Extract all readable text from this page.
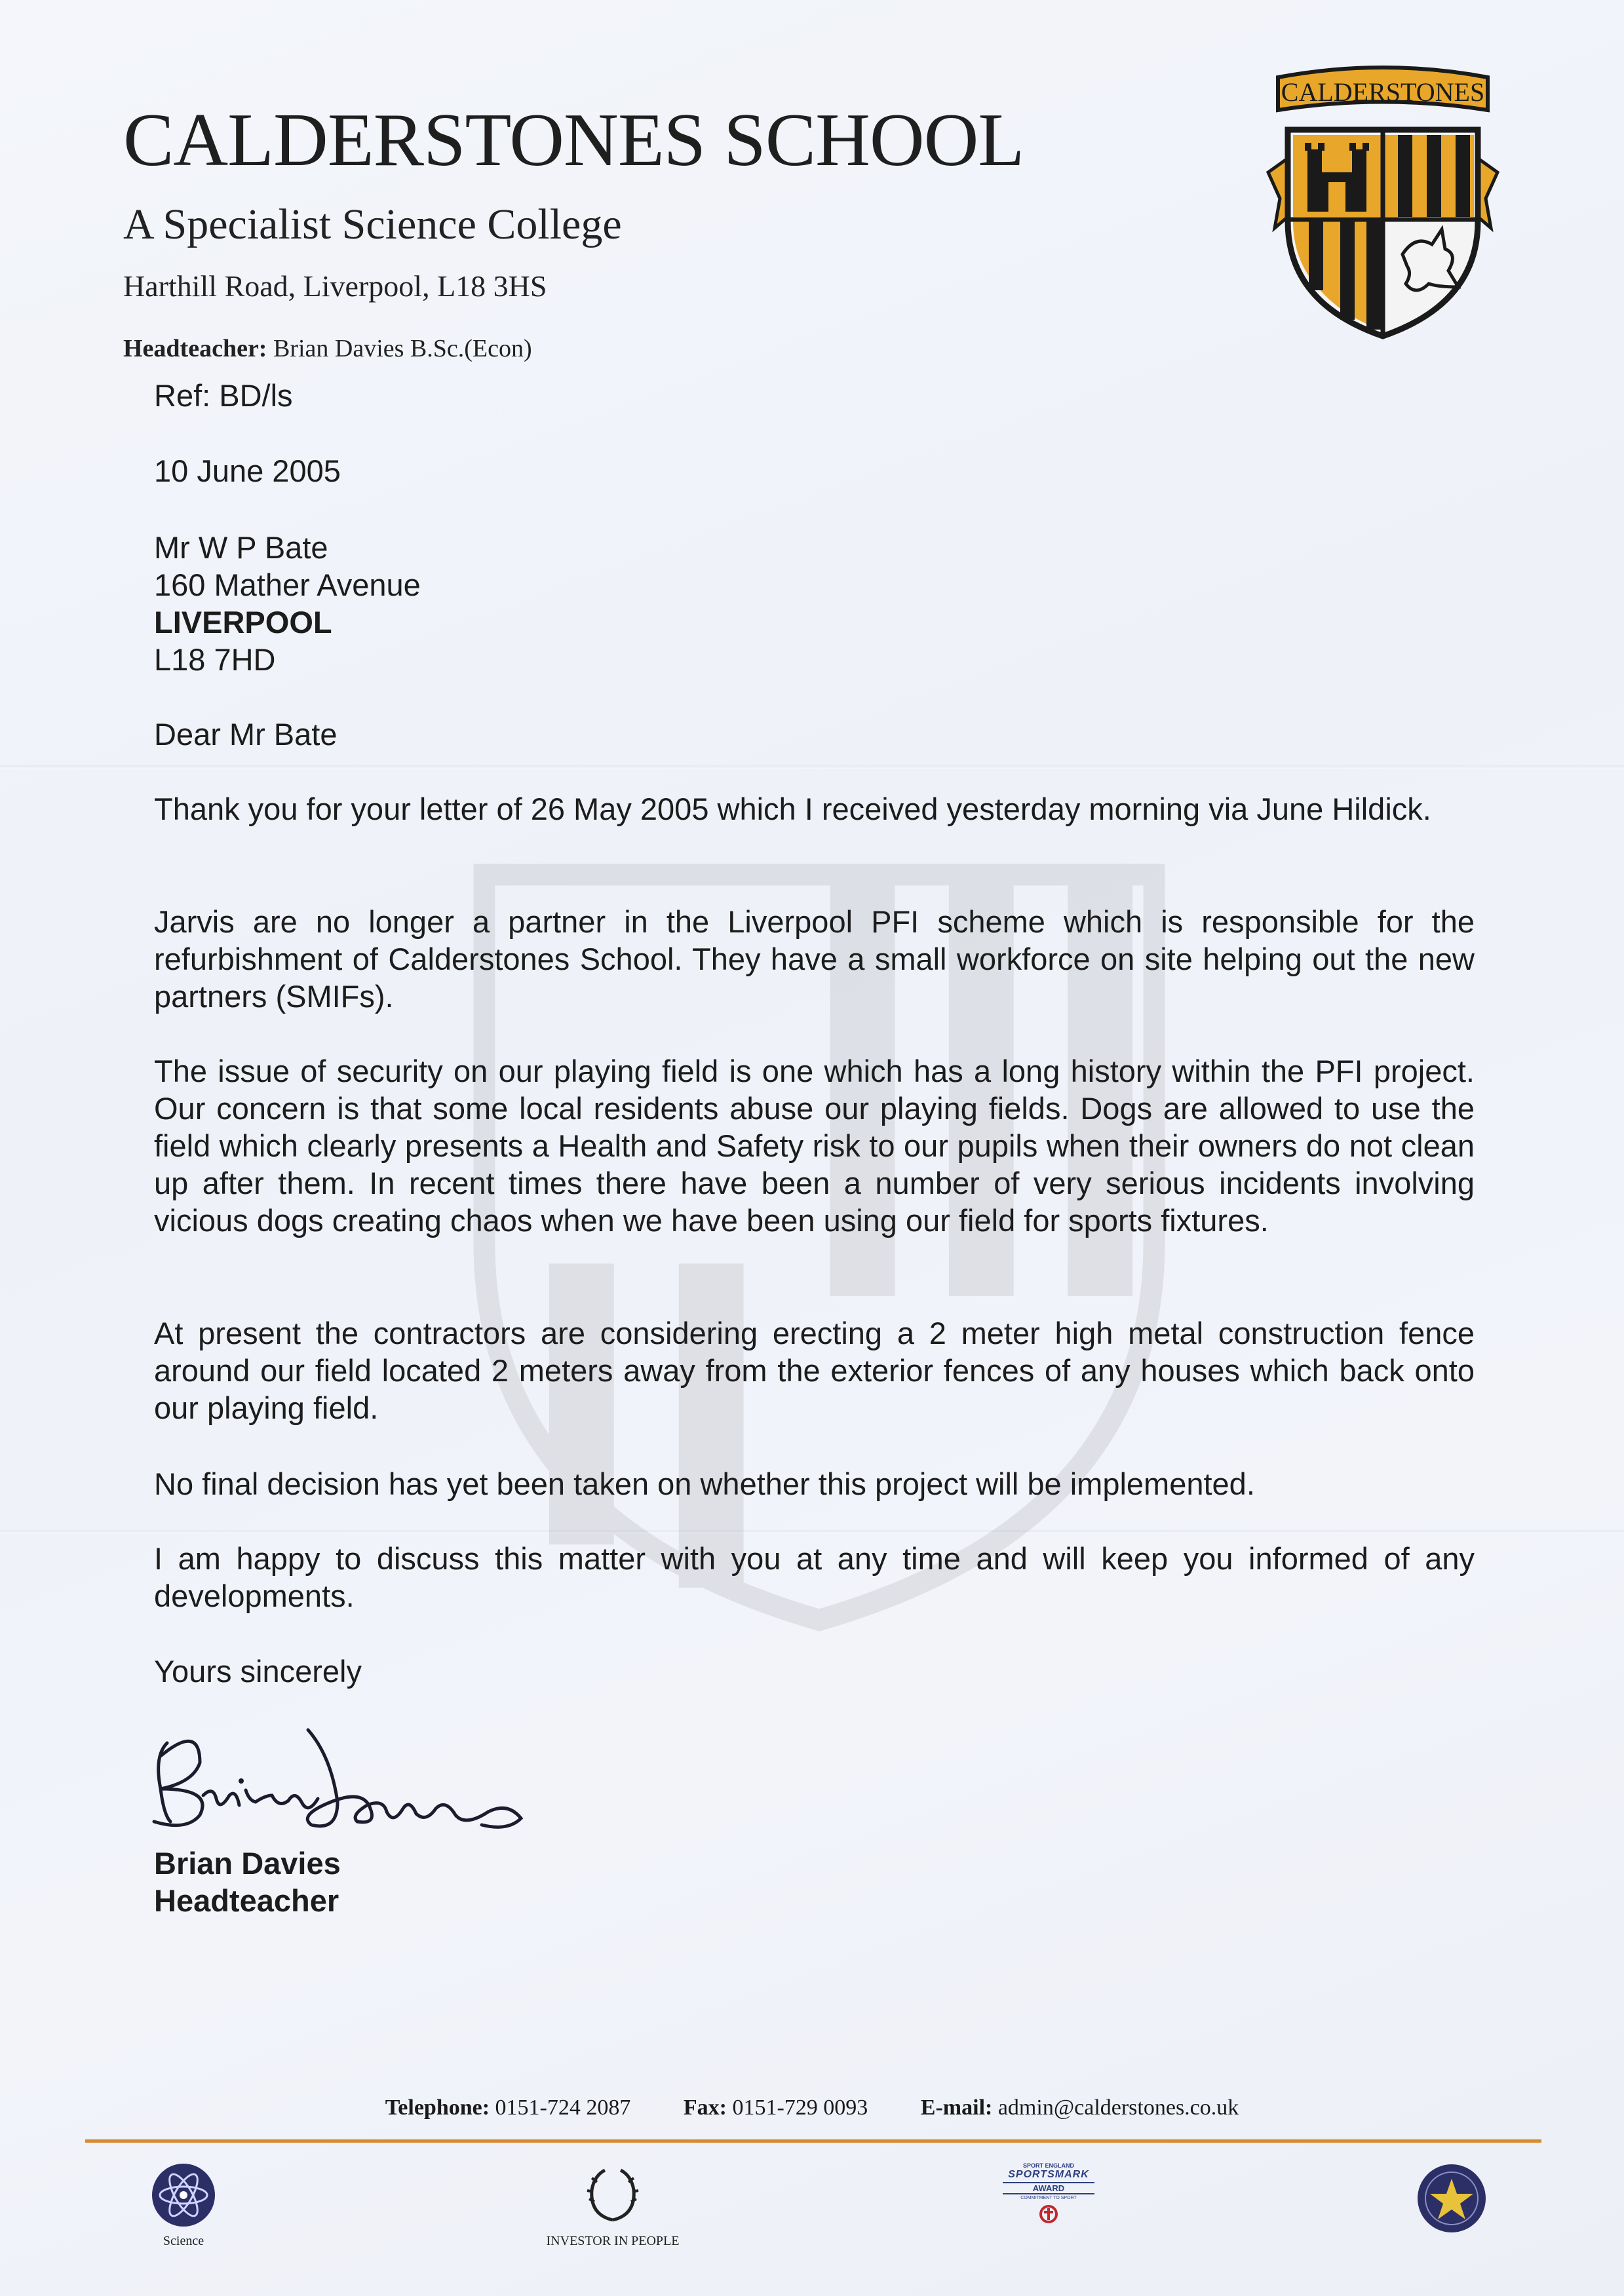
CALDERSTONES SCHOOL
A Specialist Science College
Harthill Road, Liverpool, L18 3HS
Headteacher: Brian Davies B.Sc.(Econ)
CALDERSTONES
Ref: BD/ls
10 June 2005
Mr W P Bate
160 Mather Avenue
LIVERPOOL
L18 7HD
Dear Mr Bate
Thank you for your letter of 26 May 2005 which I received yesterday morning via June Hildick.
Jarvis are no longer a partner in the Liverpool PFI scheme which is responsible for the refurbishment of Calderstones School. They have a small workforce on site helping out the new partners (SMIFs).
The issue of security on our playing field is one which has a long history within the PFI project. Our concern is that some local residents abuse our playing fields. Dogs are allowed to use the field which clearly presents a Health and Safety risk to our pupils when their owners do not clean up after them. In recent times there have been a number of very serious incidents involving vicious dogs creating chaos when we have been using our field for sports fixtures.
At present the contractors are considering erecting a 2 meter high metal construction fence around our field located 2 meters away from the exterior fences of any houses which back onto our playing field.
No final decision has yet been taken on whether this project will be implemented.
I am happy to discuss this matter with you at any time and will keep you informed of any developments.
Yours sincerely
Brian Davies
Headteacher
Telephone: 0151-724 2087 Fax: 0151-729 0093 E-mail: admin@calderstones.co.uk
Science	INVESTOR IN PEOPLE
SPORT ENGLAND
SPORTSMARK
AWARD
COMMITMENT TO SPORT
